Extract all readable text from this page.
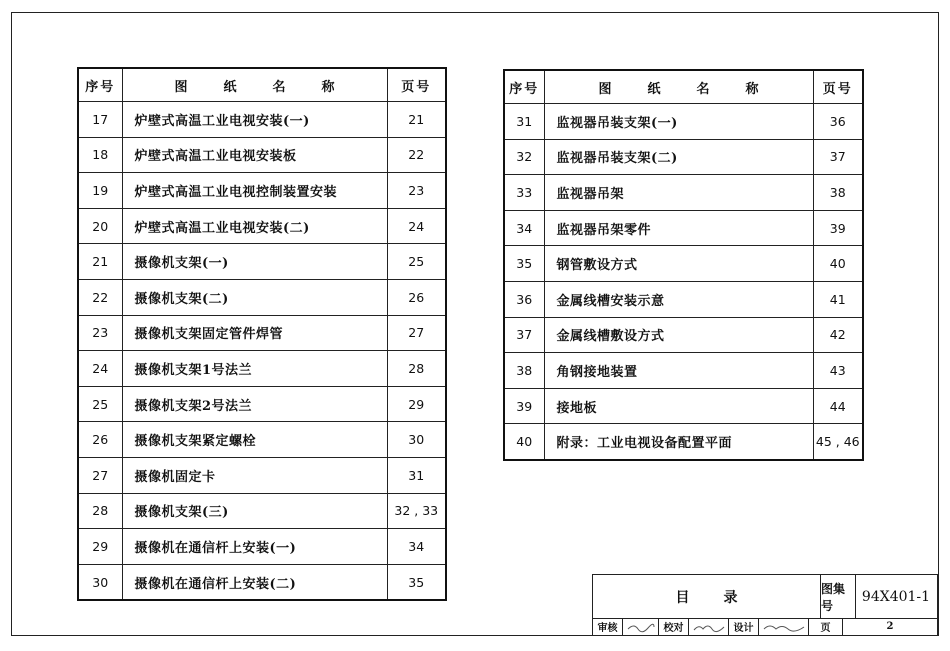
序号	图 纸 名 称	页号
17	炉壁式高温工业电视安装(一)	21
18	炉壁式高温工业电视安装板	22
19	炉壁式高温工业电视控制装置安装	23
20	炉壁式高温工业电视安装(二)	24
21	摄像机支架(一)	25
22	摄像机支架(二)	26
23	摄像机支架固定管件焊管	27
24	摄像机支架1号法兰	28
25	摄像机支架2号法兰	29
26	摄像机支架紧定螺栓	30
27	摄像机固定卡	31
28	摄像机支架(三)	32 , 33
29	摄像机在通信杆上安装(一)	34
30	摄像机在通信杆上安装(二)	35
序号	图 纸 名 称	页号
31	监视器吊装支架(一)	36
32	监视器吊装支架(二)	37
33	监视器吊架	38
34	监视器吊架零件	39
35	钢管敷设方式	40
36	金属线槽安装示意	41
37	金属线槽敷设方式	42
38	角钢接地装置	43
39	接地板	44
40	附录：工业电视设备配置平面	45 , 46
目录
图集号
94X401-1
审核	校对	设计	页	2
